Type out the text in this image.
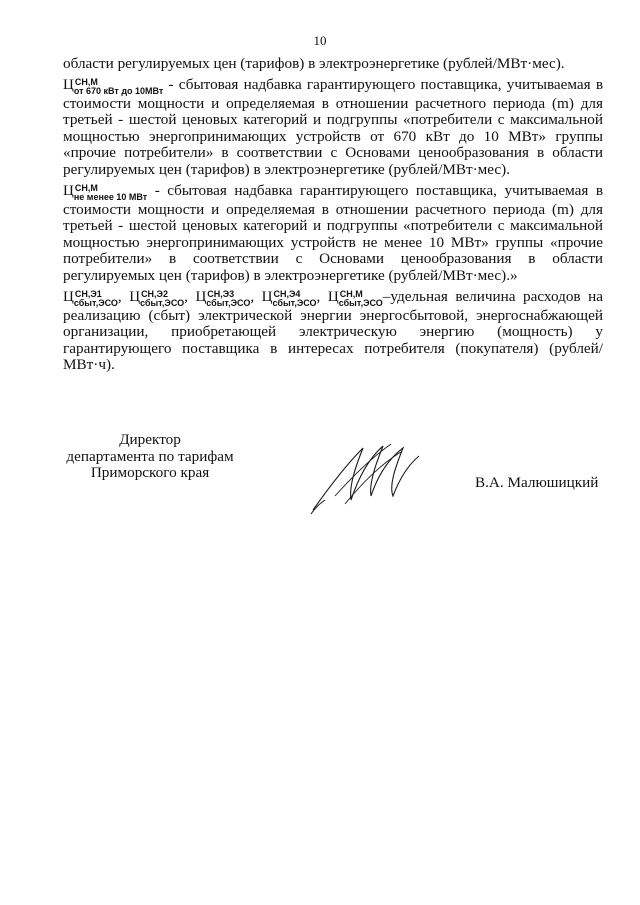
10

области регулируемых цен (тарифов) в электроэнергетике (рублей/МВт·мес).

Ц СН,М
от 670 кВт до 10МВт - сбытовая надбавка гарантирующего поставщика, учитываемая в стоимости мощности и определяемая в отношении расчетного периода (m) для третьей - шестой ценовых категорий и подгруппы «потребители с максимальной мощностью энергопринимающих устройств от 670 кВт до 10 МВт» группы «прочие потребители» в соответствии с Основами ценообразования в области регулируемых цен (тарифов) в электроэнергетике (рублей/МВт·мес).

Ц СН,М
не менее 10 МВт - сбытовая надбавка гарантирующего поставщика, учитываемая в стоимости мощности и определяемая в отношении расчетного периода (m) для третьей - шестой ценовых категорий и подгруппы «потребители с максимальной мощностью энергопринимающих устройств не менее 10 МВт» группы «прочие потребители» в соответствии с Основами ценообразования в области регулируемых цен (тарифов) в электроэнергетике (рублей/МВт·мес).»

Ц СН,Э1
сбыт,ЭСО , Ц СН,Э2
сбыт,ЭСО , Ц СН,Э3
сбыт,ЭСО , Ц СН,Э4
сбыт,ЭСО , Ц СН,М
сбыт,ЭСО –удельная величина расходов на реализацию (сбыт) электрической энергии энергосбытовой, энергоснабжающей организации, приобретающей электрическую энергию (мощность) у гарантирующего поставщика в интересах потребителя (покупателя) (рублей/МВт·ч).

Директор
департамента по тарифам
Приморского края
В.А. Малюшицкий
